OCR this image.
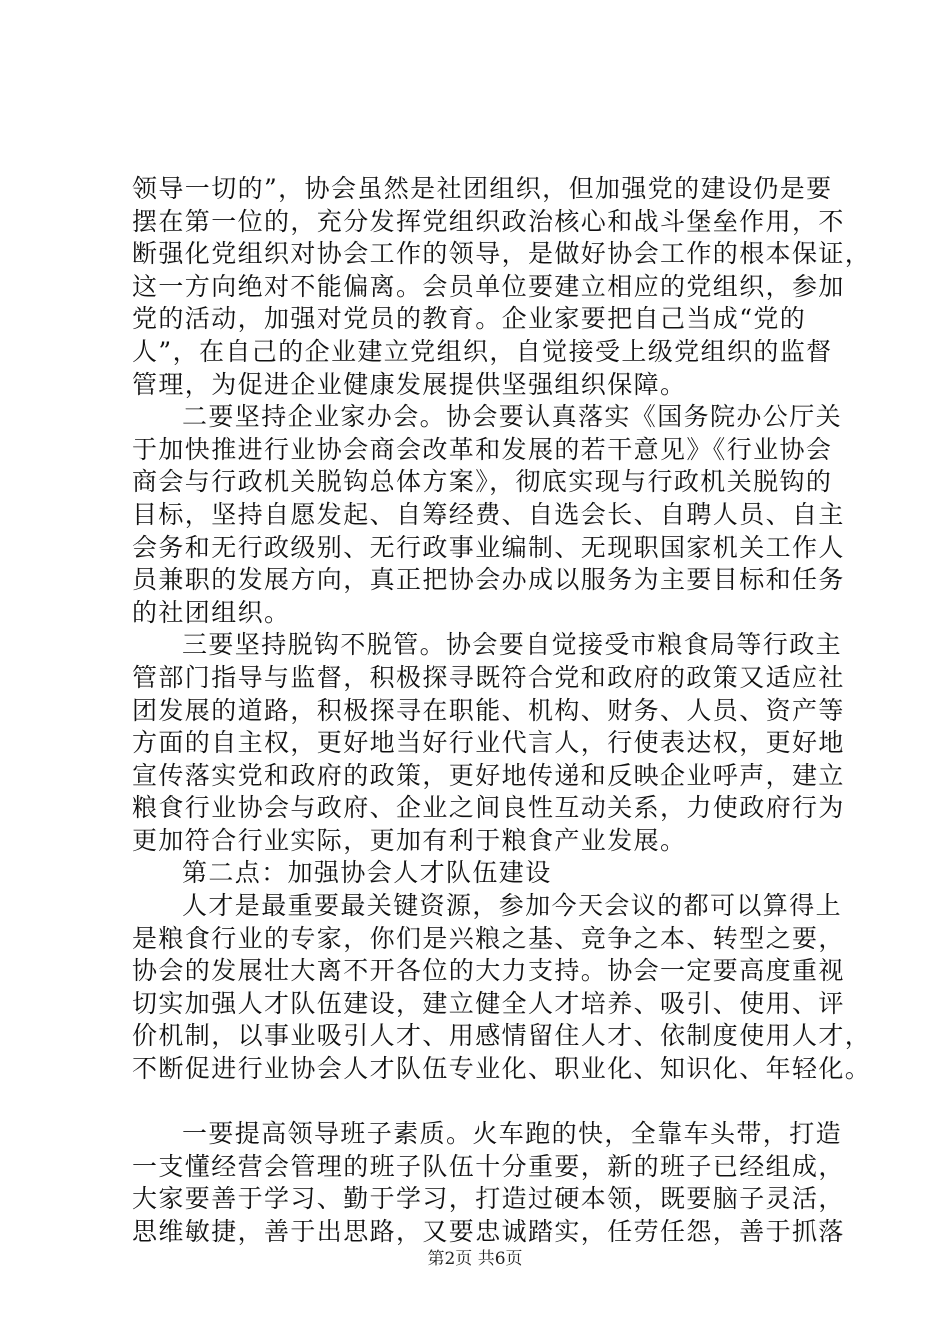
领导一切的”，协会虽然是社团组织，但加强党的建设仍是要
摆在第一位的，充分发挥党组织政治核心和战斗堡垒作用，不
断强化党组织对协会工作的领导，是做好协会工作的根本保证，
这一方向绝对不能偏离。会员单位要建立相应的党组织，参加
党的活动，加强对党员的教育。企业家要把自己当成“党的
人”，在自己的企业建立党组织，自觉接受上级党组织的监督
管理，为促进企业健康发展提供坚强组织保障。
二要坚持企业家办会。协会要认真落实《国务院办公厅关
于加快推进行业协会商会改革和发展的若干意见》《行业协会
商会与行政机关脱钩总体方案》，彻底实现与行政机关脱钩的
目标，坚持自愿发起、自筹经费、自选会长、自聘人员、自主
会务和无行政级别、无行政事业编制、无现职国家机关工作人
员兼职的发展方向，真正把协会办成以服务为主要目标和任务
的社团组织。
三要坚持脱钩不脱管。协会要自觉接受市粮食局等行政主
管部门指导与监督，积极探寻既符合党和政府的政策又适应社
团发展的道路，积极探寻在职能、机构、财务、人员、资产等
方面的自主权，更好地当好行业代言人，行使表达权，更好地
宣传落实党和政府的政策，更好地传递和反映企业呼声，建立
粮食行业协会与政府、企业之间良性互动关系，力使政府行为
更加符合行业实际，更加有利于粮食产业发展。
第二点：加强协会人才队伍建设
人才是最重要最关键资源，参加今天会议的都可以算得上
是粮食行业的专家，你们是兴粮之基、竞争之本、转型之要，
协会的发展壮大离不开各位的大力支持。协会一定要高度重视
切实加强人才队伍建设，建立健全人才培养、吸引、使用、评
价机制，以事业吸引人才、用感情留住人才、依制度使用人才，
不断促进行业协会人才队伍专业化、职业化、知识化、年轻化。
一要提高领导班子素质。火车跑的快，全靠车头带，打造
一支懂经营会管理的班子队伍十分重要，新的班子已经组成，
大家要善于学习、勤于学习，打造过硬本领，既要脑子灵活，
思维敏捷，善于出思路，又要忠诚踏实，任劳任怨，善于抓落
第2页 共6页
